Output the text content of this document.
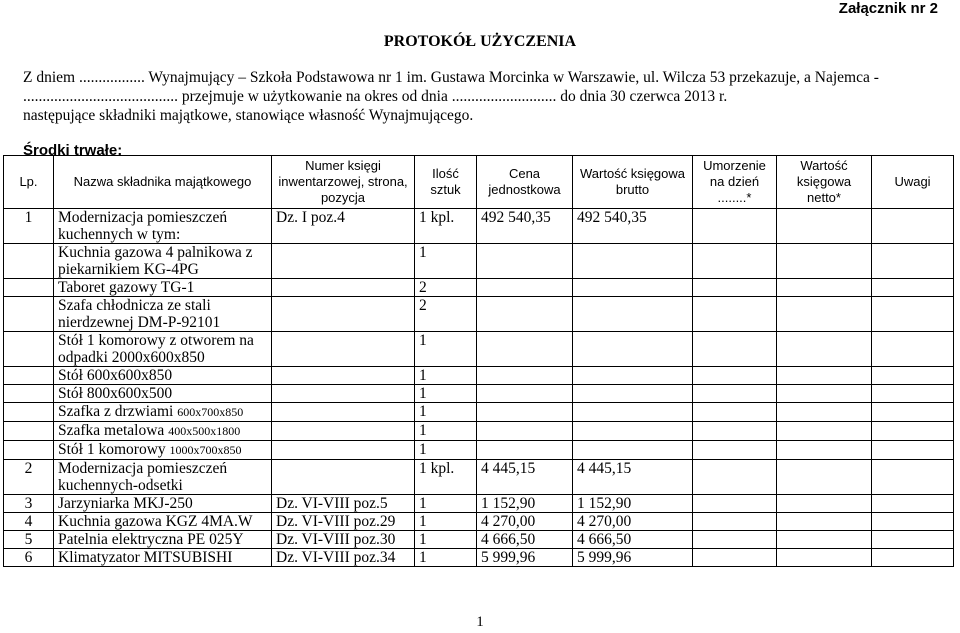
Załącznik nr 2
PROTOKÓŁ UŻYCZENIA
Z dniem ................. Wynajmujący – Szkoła Podstawowa nr 1 im. Gustawa Morcinka w Warszawie, ul. Wilcza 53 przekazuje, a Najemca -
........................................ przejmuje w użytkowanie na okres od dnia ........................... do dnia 30 czerwca 2013 r.
następujące składniki majątkowe, stanowiące własność Wynajmującego.
Środki trwałe:
Lp.	Nazwa składnika majątkowego	Numer księgi inwentarzowej, strona, pozycja	Ilość sztuk	Cena jednostkowa	Wartość księgowa brutto	Umorzenie na dzień ........*	Wartość księgowa netto*	Uwagi
1	Modernizacja pomieszczeń kuchennych w tym:	Dz. I poz.4	1 kpl.	492 540,35	492 540,35			
	Kuchnia gazowa 4 palnikowa z piekarnikiem KG-4PG		1					
	Taboret gazowy TG-1		2					
	Szafa chłodnicza ze stali nierdzewnej DM-P-92101		2					
	Stół 1 komorowy z otworem na odpadki 2000x600x850		1					
	Stół 600x600x850		1					
	Stół 800x600x500		1					
	Szafka z drzwiami 600x700x850		1					
	Szafka metalowa 400x500x1800		1					
	Stół 1 komorowy 1000x700x850		1					
2	Modernizacja pomieszczeń kuchennych-odsetki		1 kpl.	4 445,15	4 445,15			
3	Jarzyniarka MKJ-250	Dz. VI-VIII poz.5	1	1 152,90	1 152,90			
4	Kuchnia gazowa KGZ 4MA.W	Dz. VI-VIII poz.29	1	4 270,00	4 270,00			
5	Patelnia elektryczna PE 025Y	Dz. VI-VIII poz.30	1	4 666,50	4 666,50			
6	Klimatyzator MITSUBISHI	Dz. VI-VIII poz.34	1	5 999,96	5 999,96			
1
